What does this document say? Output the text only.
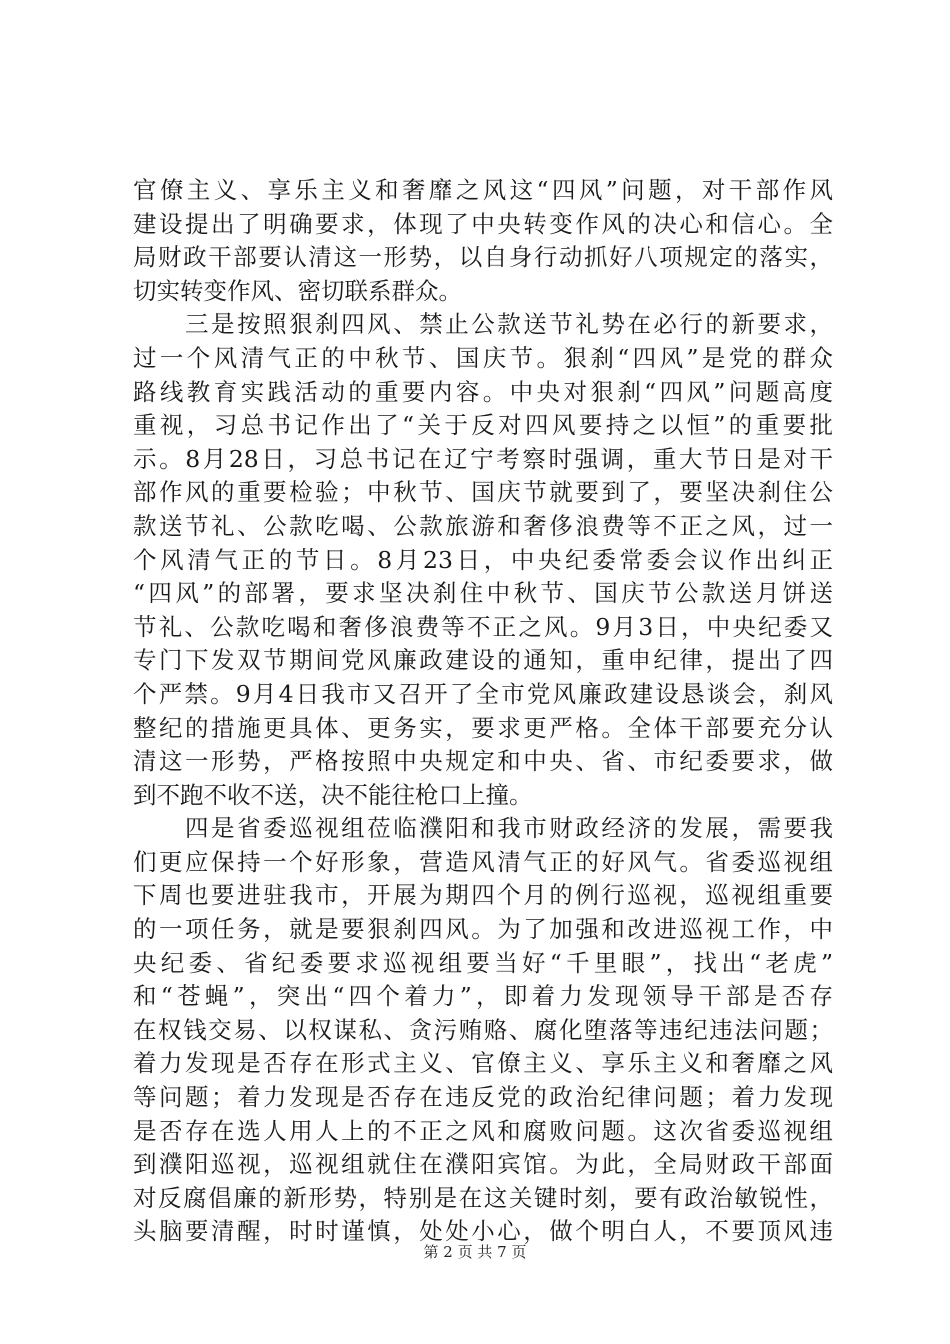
官僚主义、享乐主义和奢靡之风这“四风”问题，对干部作风
建设提出了明确要求，体现了中央转变作风的决心和信心。全
局财政干部要认清这一形势，以自身行动抓好八项规定的落实，
切实转变作风、密切联系群众。
　　三是按照狠刹四风、禁止公款送节礼势在必行的新要求，
过一个风清气正的中秋节、国庆节。狠刹“四风”是党的群众
路线教育实践活动的重要内容。中央对狠刹“四风”问题高度
重视，习总书记作出了“关于反对四风要持之以恒”的重要批
示。8月28日，习总书记在辽宁考察时强调，重大节日是对干
部作风的重要检验；中秋节、国庆节就要到了，要坚决刹住公
款送节礼、公款吃喝、公款旅游和奢侈浪费等不正之风，过一
个风清气正的节日。8月23日，中央纪委常委会议作出纠正
“四风”的部署，要求坚决刹住中秋节、国庆节公款送月饼送
节礼、公款吃喝和奢侈浪费等不正之风。9月3日，中央纪委又
专门下发双节期间党风廉政建设的通知，重申纪律，提出了四
个严禁。9月4日我市又召开了全市党风廉政建设恳谈会，刹风
整纪的措施更具体、更务实，要求更严格。全体干部要充分认
清这一形势，严格按照中央规定和中央、省、市纪委要求，做
到不跑不收不送，决不能往枪口上撞。
　　四是省委巡视组莅临濮阳和我市财政经济的发展，需要我
们更应保持一个好形象，营造风清气正的好风气。省委巡视组
下周也要进驻我市，开展为期四个月的例行巡视，巡视组重要
的一项任务，就是要狠刹四风。为了加强和改进巡视工作，中
央纪委、省纪委要求巡视组要当好“千里眼”，找出“老虎”
和“苍蝇”，突出“四个着力”，即着力发现领导干部是否存
在权钱交易、以权谋私、贪污贿赂、腐化堕落等违纪违法问题；
着力发现是否存在形式主义、官僚主义、享乐主义和奢靡之风
等问题；着力发现是否存在违反党的政治纪律问题；着力发现
是否存在选人用人上的不正之风和腐败问题。这次省委巡视组
到濮阳巡视，巡视组就住在濮阳宾馆。为此，全局财政干部面
对反腐倡廉的新形势，特别是在这关键时刻，要有政治敏锐性，
头脑要清醒，时时谨慎，处处小心，做个明白人，不要顶风违
第 2 页 共 7 页
